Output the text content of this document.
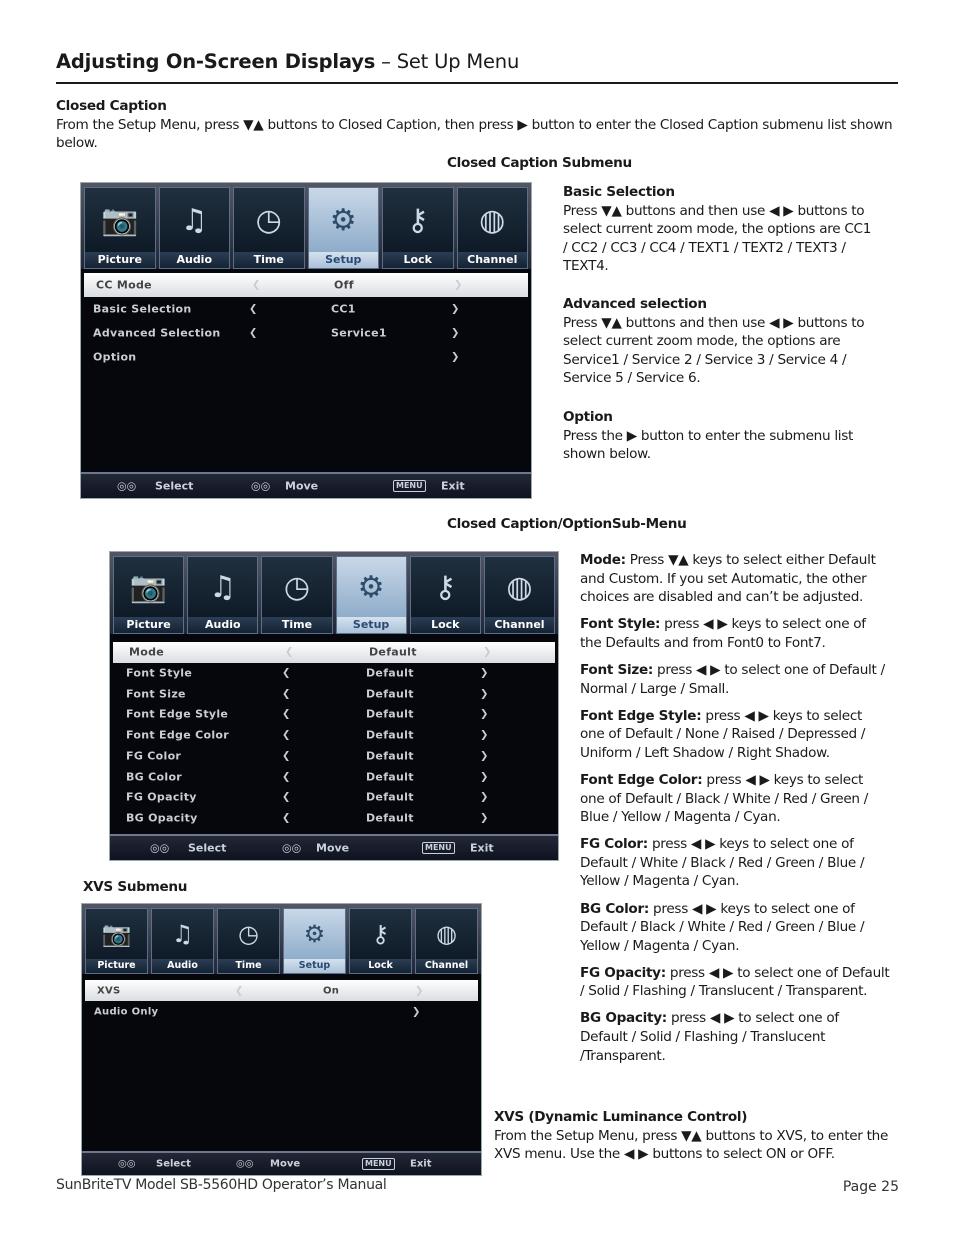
Adjusting On-Screen Displays – Set Up Menu
Closed Caption
From the Setup Menu, press ▼▲ buttons to Closed Caption, then press ▶ button to enter the Closed Caption submenu list shown below.
Closed Caption Submenu
📷
Picture
♫
Audio
◷
Time
⚙
Setup
⚷
Lock
◍
Channel
CC Mode	❮	Off	❯
Basic Selection	❮	CC1	❯
Advanced Selection	❮	Service1	❯
Option	❯
◎◎ Select	◎◎ Move	MENU Exit
Basic Selection
Press ▼▲ buttons and then use ◀ ▶ buttons to select current zoom mode, the options are CC1 / CC2 / CC3 / CC4 / TEXT1 / TEXT2 / TEXT3 / TEXT4.
Advanced selection
Press ▼▲ buttons and then use ◀ ▶ buttons to select current zoom mode, the options are Service1 / Service 2 / Service 3 / Service 4 / Service 5 / Service 6.
Option
Press the ▶ button to enter the submenu list shown below.
Closed Caption/OptionSub-Menu
📷
Picture
♫
Audio
◷
Time
⚙
Setup
⚷
Lock
◍
Channel
Mode	❮	Default	❯
Font Style	❮	Default	❯
Font Size	❮	Default	❯
Font Edge Style	❮	Default	❯
Font Edge Color	❮	Default	❯
FG Color	❮	Default	❯
BG Color	❮	Default	❯
FG Opacity	❮	Default	❯
BG Opacity	❮	Default	❯
◎◎ Select	◎◎ Move	MENU Exit
Mode: Press ▼▲ keys to select either Default and Custom. If you set Automatic, the other choices are disabled and can’t be adjusted.
Font Style: press ◀ ▶ keys to select one of the Defaults and from Font0 to Font7.
Font Size: press ◀ ▶ to select one of Default / Normal / Large / Small.
Font Edge Style: press ◀ ▶ keys to select one of Default / None / Raised / Depressed / Uniform / Left Shadow / Right Shadow.
Font Edge Color: press ◀ ▶ keys to select one of Default / Black / White / Red / Green / Blue / Yellow / Magenta / Cyan.
FG Color: press ◀ ▶ keys to select one of Default / White / Black / Red / Green / Blue / Yellow / Magenta / Cyan.
BG Color: press ◀ ▶ keys to select one of Default / Black / White / Red / Green / Blue / Yellow / Magenta / Cyan.
FG Opacity: press ◀ ▶ to select one of Default / Solid / Flashing / Translucent / Transparent.
BG Opacity: press ◀ ▶ to select one of Default / Solid / Flashing / Translucent /Transparent.
XVS Submenu
📷
Picture
♫
Audio
◷
Time
⚙
Setup
⚷
Lock
◍
Channel
XVS	❮	On	❯
Audio Only	❯
◎◎ Select	◎◎ Move	MENU	Exit
XVS (Dynamic Luminance Control)
From the Setup Menu, press ▼▲ buttons to XVS, to enter the XVS menu. Use the ◀ ▶ buttons to select ON or OFF.
SunBriteTV Model SB-5560HD Operator’s Manual	Page 25
